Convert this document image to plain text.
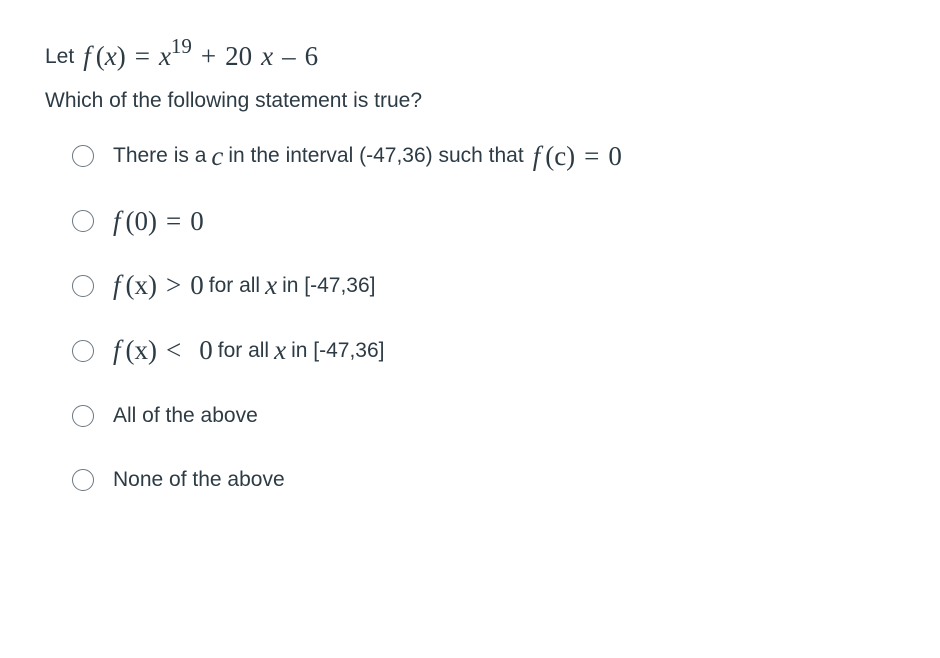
Let f $(x) = x^{19} + 20$ x – 6
Which of the following statement is true?
There is a c in the interval (-47,36) such that f (c) = 0
f (0) = 0
f (x) > 0 for all x in [-47,36]
f (x) < 0 for all x in [-47,36]
All of the above
None of the above
